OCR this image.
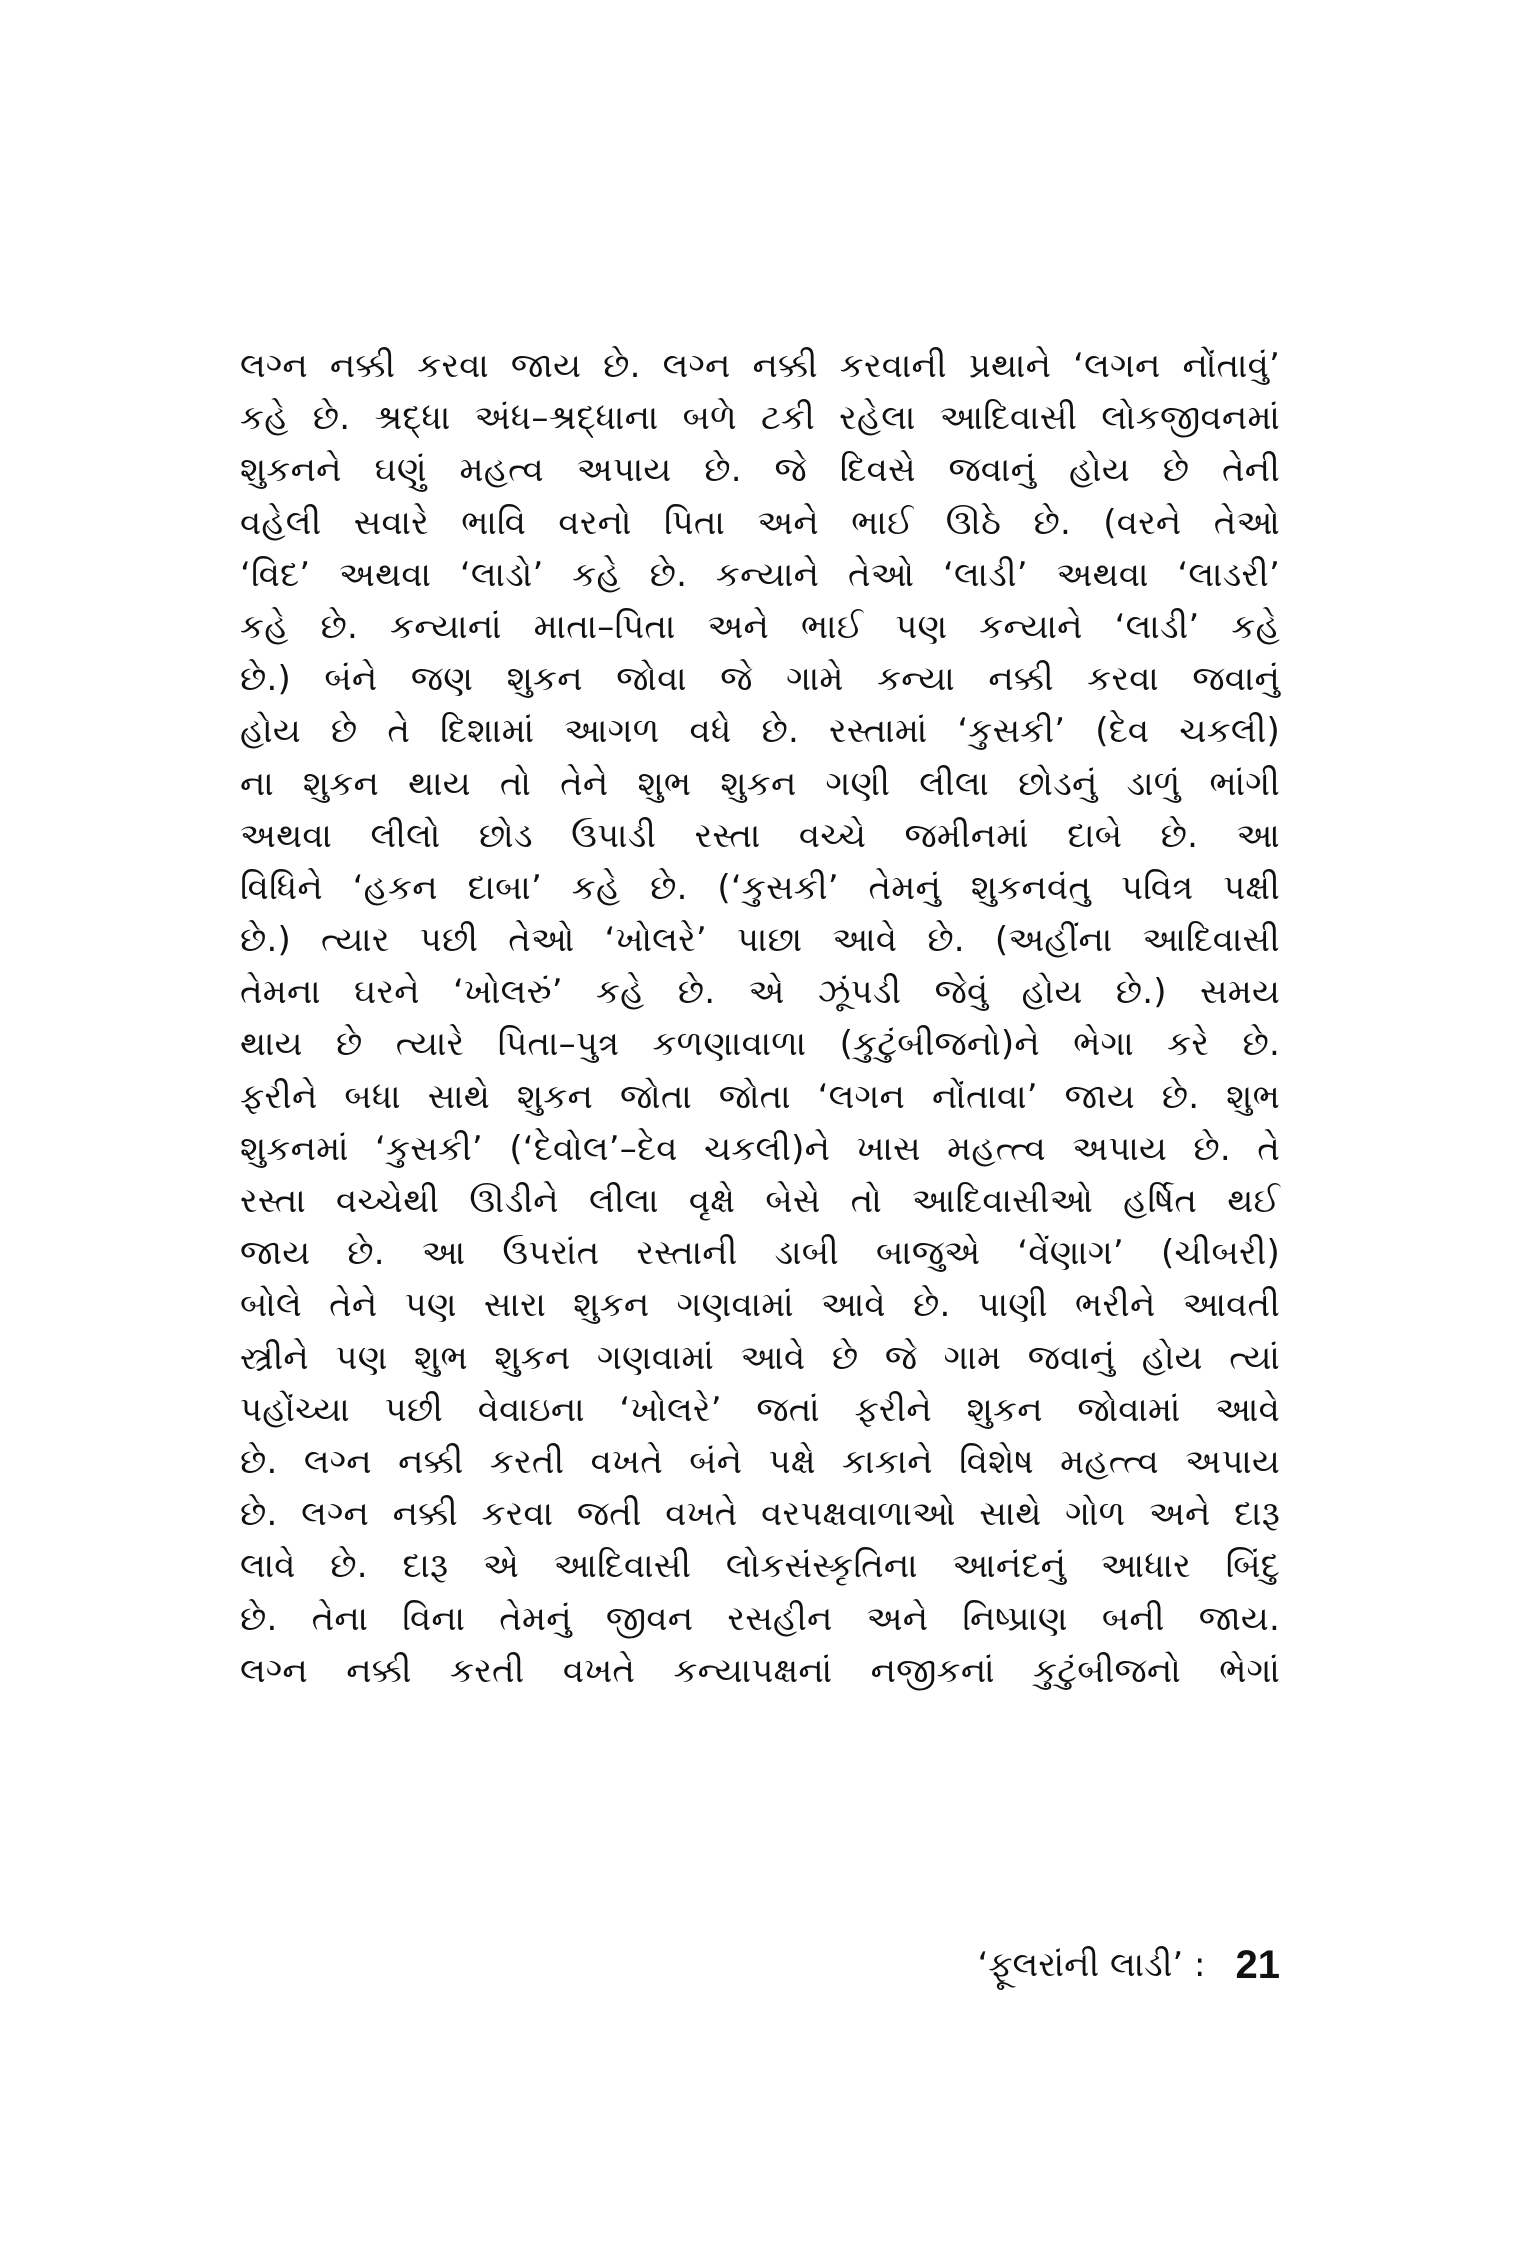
લગ્ન નક્કી કરવા જાય છે. લગ્ન નક્કી કરવાની પ્રથાને ‘લગન નોંતાવું’
કહે છે. શ્રદ્ધા અંધ–શ્રદ્ધાના બળે ટકી રહેલા આદિવાસી લોકજીવનમાં
શુકનને ઘણું મહત્વ અપાય છે. જે દિવસે જવાનું હોય છે તેની
વહેલી સવારે ભાવિ વરનો પિતા અને ભાઈ ઊઠે છે. (વરને તેઓ
‘વિદ’ અથવા ‘લાડો’ કહે છે. કન્યાને તેઓ ‘લાડી’ અથવા ‘લાડરી’
કહે છે. કન્યાનાં માતા–પિતા અને ભાઈ પણ કન્યાને ‘લાડી’ કહે
છે.) બંને જણ શુકન જોવા જે ગામે કન્યા નક્કી કરવા જવાનું
હોય છે તે દિશામાં આગળ વધે છે. રસ્તામાં ‘કુસકી’ (દેવ ચકલી)
ના શુકન થાય તો તેને શુભ શુકન ગણી લીલા છોડનું ડાળું ભાંગી
અથવા લીલો છોડ ઉપાડી રસ્તા વચ્ચે જમીનમાં દાબે છે. આ
વિધિને ‘હકન દાબા’ કહે છે. (‘કુસકી’ તેમનું શુકનવંતુ પવિત્ર પક્ષી
છે.) ત્યાર પછી તેઓ ‘ખોલરે’ પાછા આવે છે. (અહીંના આદિવાસી
તેમના ઘરને ‘ખોલરું’ કહે છે. એ ઝૂંપડી જેવું હોય છે.) સમય
થાય છે ત્યારે પિતા–પુત્ર કળણાવાળા (કુટુંબીજનો)ને ભેગા કરે છે.
ફરીને બધા સાથે શુકન જોતા જોતા ‘લગન નોંતાવા’ જાય છે. શુભ
શુકનમાં ‘કુસકી’ (‘દેવોલ’–દેવ ચકલી)ને ખાસ મહત્ત્વ અપાય છે. તે
રસ્તા વચ્ચેથી ઊડીને લીલા વૃક્ષે બેસે તો આદિવાસીઓ હર્ષિત થઈ
જાય છે. આ ઉપરાંત રસ્તાની ડાબી બાજુએ ‘વેંણાગ’ (ચીબરી)
બોલે તેને પણ સારા શુકન ગણવામાં આવે છે. પાણી ભરીને આવતી
સ્ત્રીને પણ શુભ શુકન ગણવામાં આવે છે જે ગામ જવાનું હોય ત્યાં
પહોંચ્યા પછી વેવાઇના ‘ખોલરે’ જતાં ફરીને શુકન જોવામાં આવે
છે. લગ્ન નક્કી કરતી વખતે બંને પક્ષે કાકાને વિશેષ મહત્ત્વ અપાય
છે. લગ્ન નક્કી કરવા જતી વખતે વરપક્ષવાળાઓ સાથે ગોળ અને દારૂ
લાવે છે. દારૂ એ આદિવાસી લોકસંસ્કૃતિના આનંદનું આધાર બિંદુ
છે. તેના વિના તેમનું જીવન રસહીન અને નિષ્પ્રાણ બની જાય.
લગ્ન નક્કી કરતી વખતે કન્યાપક્ષનાં નજીકનાં કુટુંબીજનો ભેગાં
‘ફૂલરાંની લાડી’ : 21
